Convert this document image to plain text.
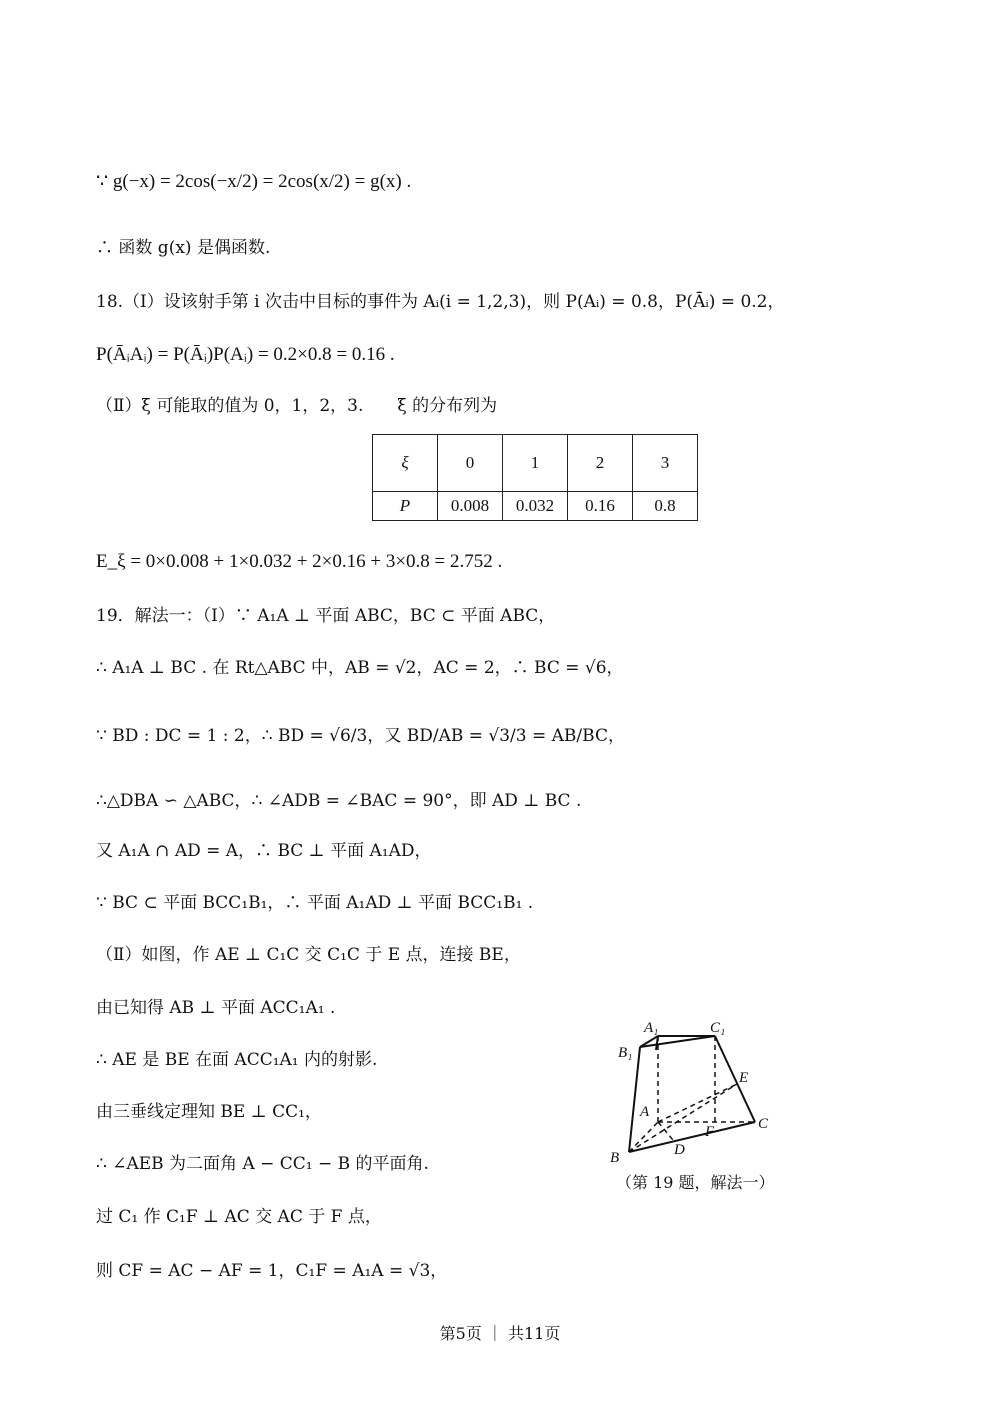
∵ g(−x) = 2cos(−x/2) = 2cos(x/2) = g(x) .
∴ 函数 g(x) 是偶函数.
18.（Ⅰ）设该射手第 i 次击中目标的事件为 Aᵢ(i = 1,2,3)，则 P(Aᵢ) = 0.8，P(Āᵢ) = 0.2，
P(ĀᵢAᵢ) = P(Āᵢ)P(Aᵢ) = 0.2×0.8 = 0.16 .
（Ⅱ）ξ 可能取的值为 0，1，2，3.　　ξ 的分布列为
ξ	0	1	2	3
P	0.008	0.032	0.16	0.8
E_ξ = 0×0.008 + 1×0.032 + 2×0.16 + 3×0.8 = 2.752 .
19．解法一：（Ⅰ）∵ A₁A ⊥ 平面 ABC，BC ⊂ 平面 ABC，
∴ A₁A ⊥ BC . 在 Rt△ABC 中，AB = √2，AC = 2，∴ BC = √6，
∵ BD : DC = 1 : 2，∴ BD = √6/3，又 BD/AB = √3/3 = AB/BC，
∴△DBA ∽ △ABC，∴ ∠ADB = ∠BAC = 90°，即 AD ⊥ BC .
又 A₁A ∩ AD = A，∴ BC ⊥ 平面 A₁AD，
∵ BC ⊂ 平面 BCC₁B₁，∴ 平面 A₁AD ⊥ 平面 BCC₁B₁ .
（Ⅱ）如图，作 AE ⊥ C₁C 交 C₁C 于 E 点，连接 BE，
由已知得 AB ⊥ 平面 ACC₁A₁ .
∴ AE 是 BE 在面 ACC₁A₁ 内的射影.
由三垂线定理知 BE ⊥ CC₁，
∴ ∠AEB 为二面角 A − CC₁ − B 的平面角.
过 C₁ 作 C₁F ⊥ AC 交 AC 于 F 点，
则 CF = AC − AF = 1，C₁F = A₁A = √3，
A₁	C₁
B₁
E
A
C
F
D
B
（第 19 题，解法一）
第5页 ｜ 共11页
